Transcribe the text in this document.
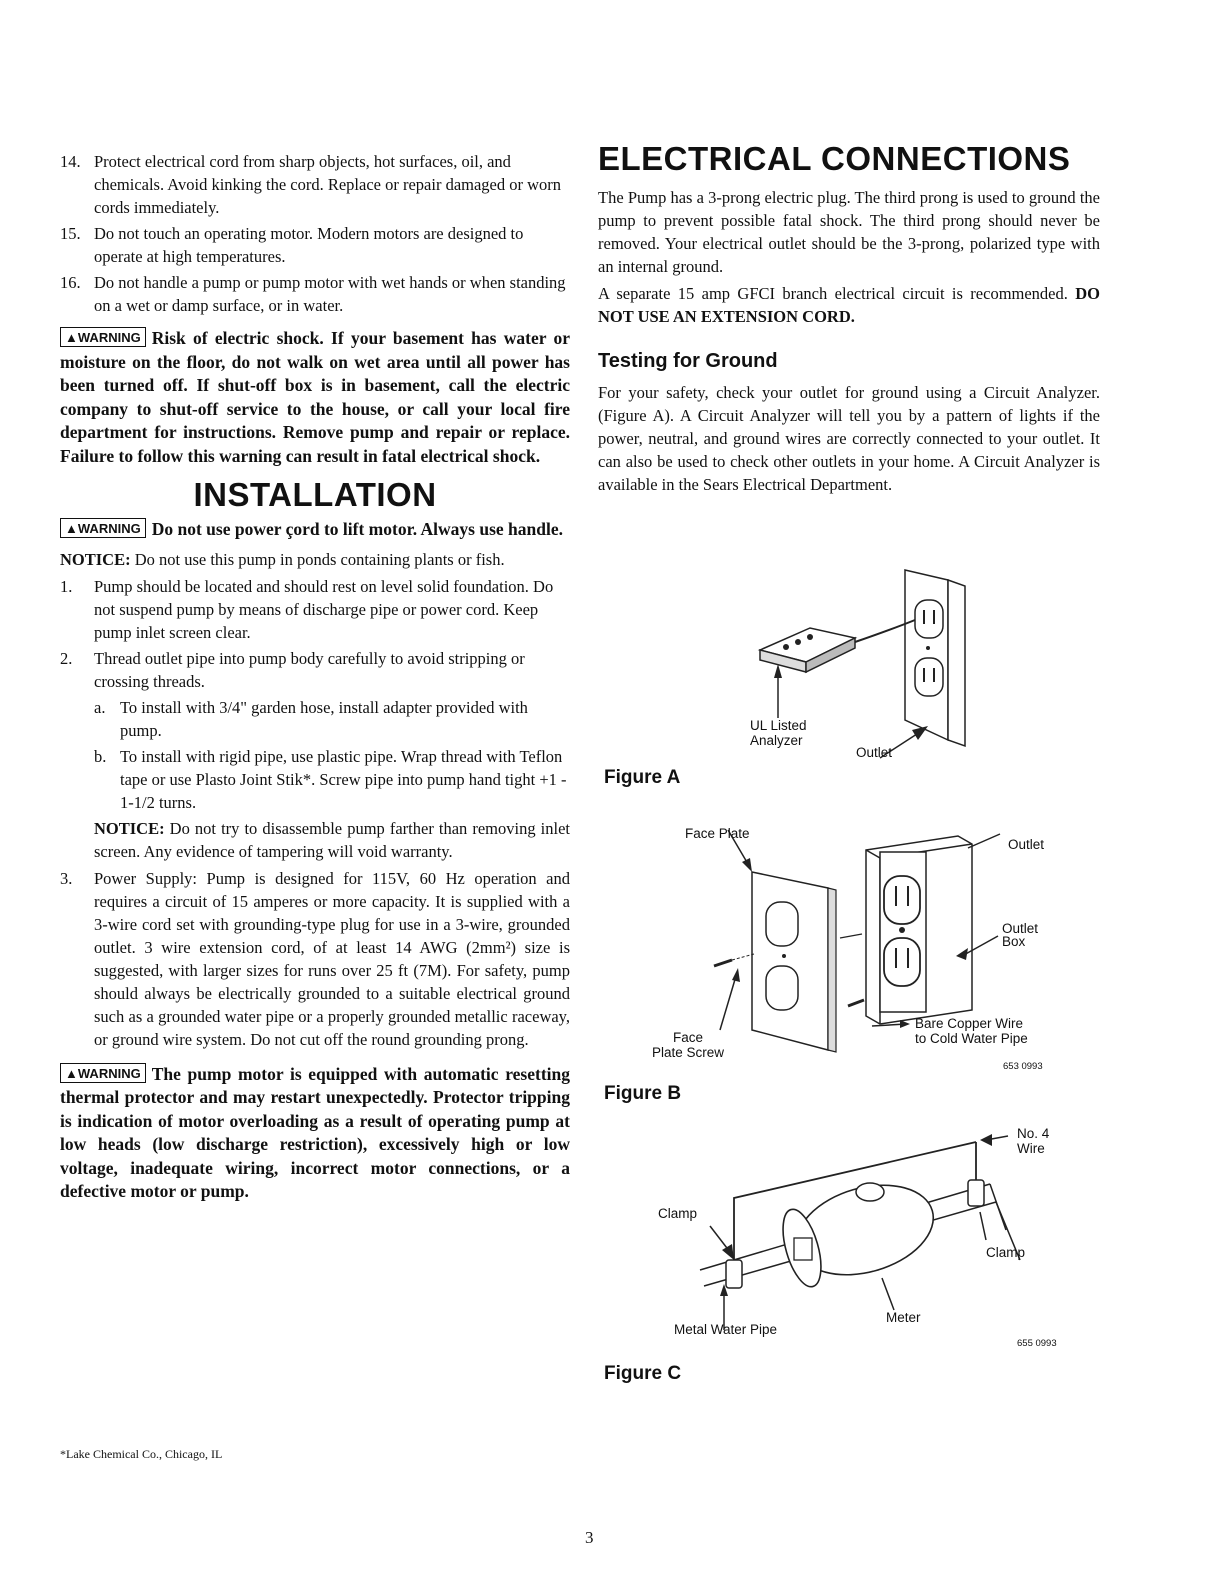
14. Protect electrical cord from sharp objects, hot surfaces, oil, and chemicals. Avoid kinking the cord. Replace or repair damaged or worn cords immediately.
15. Do not touch an operating motor. Modern motors are designed to operate at high temperatures.
16. Do not handle a pump or pump motor with wet hands or when standing on a wet or damp surface, or in water.
▲WARNING Risk of electric shock. If your basement has water or moisture on the floor, do not walk on wet area until all power has been turned off. If shut-off box is in basement, call the electric company to shut-off service to the house, or call your local fire department for instructions. Remove pump and repair or replace. Failure to follow this warning can result in fatal electrical shock.
INSTALLATION
▲WARNING Do not use power çord to lift motor. Always use handle.
NOTICE: Do not use this pump in ponds containing plants or fish.
1. Pump should be located and should rest on level solid foundation. Do not suspend pump by means of discharge pipe or power cord. Keep pump inlet screen clear.
2. Thread outlet pipe into pump body carefully to avoid stripping or crossing threads.
a. To install with 3/4" garden hose, install adapter provided with pump.
b. To install with rigid pipe, use plastic pipe. Wrap thread with Teflon tape or use Plasto Joint Stik*. Screw pipe into pump hand tight +1 - 1-1/2 turns.
NOTICE: Do not try to disassemble pump farther than removing inlet screen. Any evidence of tampering will void warranty.
3. Power Supply: Pump is designed for 115V, 60 Hz operation and requires a circuit of 15 amperes or more capacity. It is supplied with a 3-wire cord set with grounding-type plug for use in a 3-wire, grounded outlet. 3 wire extension cord, of at least 14 AWG (2mm²) size is suggested, with larger sizes for runs over 25 ft (7M). For safety, pump should always be electrically grounded to a suitable electrical ground such as a grounded water pipe or a properly grounded metallic raceway, or ground wire system. Do not cut off the round grounding prong.
▲WARNING The pump motor is equipped with automatic resetting thermal protector and may restart unexpectedly. Protector tripping is indication of motor overloading as a result of operating pump at low heads (low discharge restriction), excessively high or low voltage, inadequate wiring, incorrect motor connections, or a defective motor or pump.
ELECTRICAL CONNECTIONS
The Pump has a 3-prong electric plug. The third prong is used to ground the pump to prevent possible fatal shock. The third prong should never be removed. Your electrical outlet should be the 3-prong, polarized type with an internal ground.
A separate 15 amp GFCI branch electrical circuit is recommended. DO NOT USE AN EXTENSION CORD.
Testing for Ground
For your safety, check your outlet for ground using a Circuit Analyzer. (Figure A). A Circuit Analyzer will tell you by a pattern of lights if the power, neutral, and ground wires are correctly connected to your outlet. It can also be used to check other outlets in your home. A Circuit Analyzer is available in the Sears Electrical Department.
UL Listed
Analyzer
Outlet
Figure A
Face Plate
Outlet
Outlet
Box
Bare Copper Wire
to Cold Water Pipe
Face
Plate Screw
653 0993
Figure B
No. 4
Wire
Clamp
Clamp
Meter
Metal Water Pipe
655 0993
Figure C
*Lake Chemical Co., Chicago, IL
3
